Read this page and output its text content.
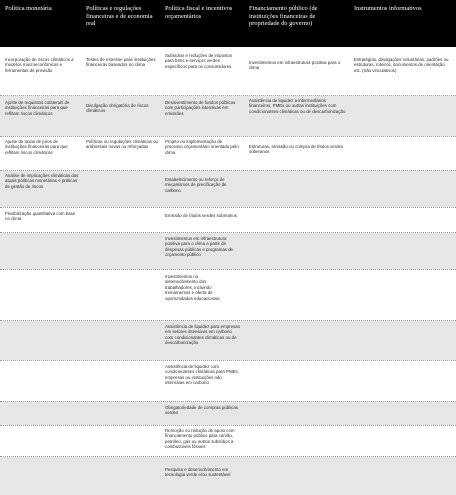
Política monetária	Políticas e regulações financeiras e de economia real
Política fiscal e incentivos orçamentários
Financiamento público (de instituições financeiras de propriedade do governo)
Instrumentos informativos
Incorporação de riscos climáticos a modelos macroeconômicos e ferramentas de previsão
Testes de estresse para instituições financeiras baseados no clima
Subsídios e reduções de impostos para bens e serviços verdes específicos para os consumidores
Investimentos em infraestrutura positiva para o clima
Estratégias, divulgações voluntárias, padrões ou estruturas, roteiros, documentos de orientação etc. (não vinculativos)
Ajuste de requisitos colaterais de instituições financeiras para que reflitam riscos climáticos
Divulgação obrigatória de riscos climáticos
Desinvestimento de fundos públicos com participações intensivas em emissões
Assistência de liquidez a intermediários financeiros, PMEs ou outras instituições com condicionantes climáticas ou de descarbonização
Ajuste de taxas de juros de instituições financeiras para que reflitam riscos climáticos
Políticas ou regulações climáticas ou ambientais novas ou reforçadas
Projeto ou implementação de processo orçamentário orientado pelo clima
Estruturas, emissão ou compra de títulos verdes soberanos
Análise de implicações climáticas das atuais políticas monetárias e práticas de gestão de riscos
Estabelecimento ou reforço de mecanismos de precificação de carbono
Flexibilização quantitativa com base no clima
Emissão de títulos verdes soberanos
Investimentos em infraestrutura positiva para o clima a partir de despesas públicas e programas de orçamento público
Investimentos no desenvolvimento dos trabalhadores, incluindo treinamentos e oferta de oportunidades educacionais
Assistência de liquidez para empresas em setores intensivos em carbono com condicionantes climáticas ou de descarbonização
Assistência de liquidez com condicionantes climáticas para PMEs, empresas ou instituições não intensivas em carbono
Obrigatoriedade de compras públicas verdes
Remoção ou redução de apoio com financiamento público para carvão, petróleo, gás ou outros subsídios a combustíveis fósseis
Pesquisa e desenvolvimento em tecnologia verde e/ou sustentável
